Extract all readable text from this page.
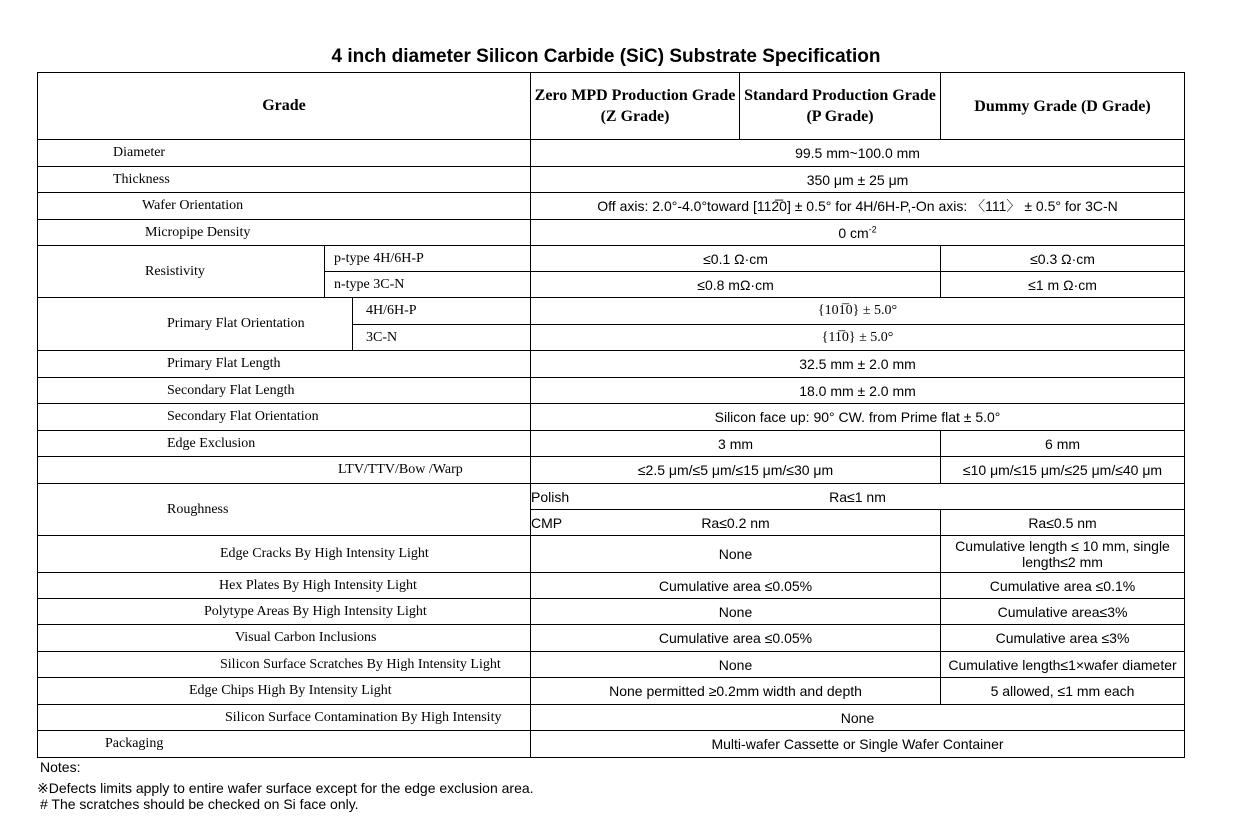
4 inch diameter Silicon Carbide (SiC) Substrate Specification
Grade			Zero MPD Production Grade (Z Grade)	Standard Production Grade (P Grade)	Dummy Grade (D Grade)
Diameter			99.5 mm~100.0 mm		
Thickness			350 μm ± 25 μm		
Wafer Orientation			Off axis: 2.0°-4.0°toward [112̅0] ± 0.5° for 4H/6H-P,‑On axis: 〈111〉 ± 0.5° for 3C-N		
Micropipe Density			0 $cm^{-2}$
Resistivity	p-type 4H/6H-P		≤0.1 Ω·cm		≤0.3 Ω·cm
	n-type 3C-N		≤0.8 mΩ·cm		≤1 m Ω·cm
Primary Flat Orientation		4H/6H-P	{101̅0} ± 5.0°		
		3C-N	{11̅0} ± 5.0°		
Primary Flat Length			32.5 mm ± 2.0 mm		
Secondary Flat Length			18.0 mm ± 2.0 mm		
Secondary Flat Orientation			Silicon face up: 90° CW. from Prime flat ± 5.0°		
Edge Exclusion			3 mm		6 mm
LTV/TTV/Bow /Warp			≤2.5 μm/≤5 μm/≤15 μm/≤30 μm		≤10 μm/≤15 μm/≤25 μm/≤40 μm
Roughness			Polish Ra≤1 nm		

			CMP Ra≤0.2 nm		Ra≤0.5 nm
Edge Cracks By High Intensity Light			None		Cumulative length ≤ 10 mm, single length≤2 mm
Hex Plates By High Intensity Light			Cumulative area ≤0.05%		Cumulative area ≤0.1%
Polytype Areas By High Intensity Light			None		Cumulative area≤3%
Visual Carbon Inclusions			Cumulative area ≤0.05%		Cumulative area ≤3%
Silicon Surface Scratches By High Intensity Light			None		Cumulative length≤1×wafer diameter
Edge Chips High By Intensity Light			None permitted ≥0.2mm width and depth		5 allowed, ≤1 mm each
Silicon Surface Contamination By High Intensity			None		
Packaging			Multi-wafer Cassette or Single Wafer Container		
Notes:
※Defects limits apply to entire wafer surface except for the edge exclusion area.
# The scratches should be checked on Si face only.
